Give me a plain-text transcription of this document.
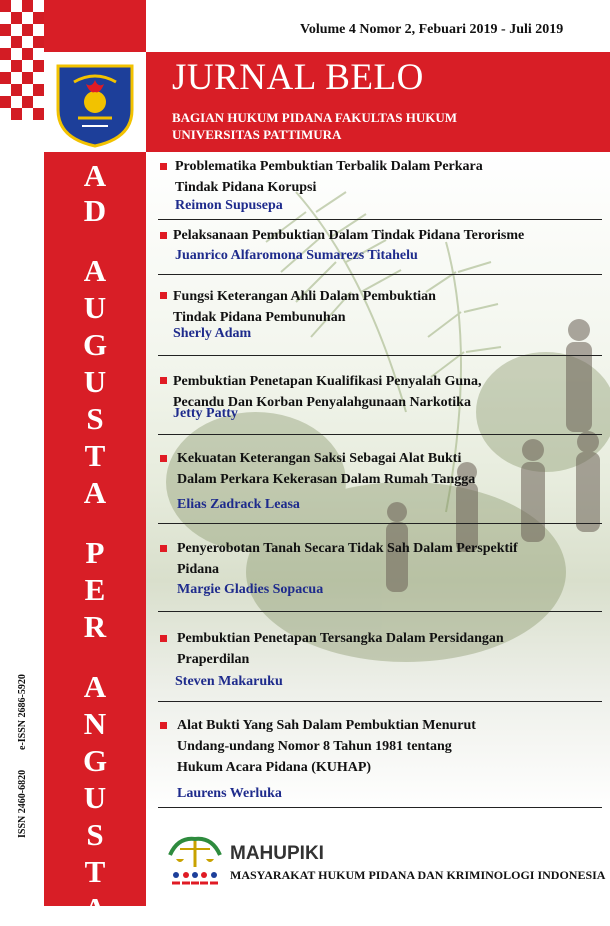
A
D
A
U
G
U
S
T
A
P
E
R
A
N
G
U
S
T
A
ISSN 2460-6820
e-ISSN 2686-5920
Volume 4 Nomor 2, Febuari 2019 - Juli 2019
JURNAL BELO
BAGIAN HUKUM PIDANA FAKULTAS HUKUM
UNIVERSITAS PATTIMURA
Problematika Pembuktian Terbalik Dalam Perkara
Tindak Pidana Korupsi
Reimon Supusepa
Pelaksanaan Pembuktian Dalam Tindak Pidana Terorisme
Juanrico Alfaromona Sumarezs Titahelu
Fungsi Keterangan Ahli Dalam Pembuktian
Tindak Pidana Pembunuhan
Sherly Adam
Pembuktian Penetapan Kualifikasi Penyalah Guna,
Pecandu Dan Korban Penyalahgunaan Narkotika
Jetty Patty
Kekuatan Keterangan Saksi Sebagai Alat Bukti
Dalam Perkara Kekerasan Dalam Rumah Tangga
Elias Zadrack Leasa
Penyerobotan Tanah Secara Tidak Sah Dalam Perspektif
Pidana
Margie Gladies Sopacua
Pembuktian Penetapan Tersangka Dalam Persidangan
Praperdilan
Steven Makaruku
Alat Bukti Yang Sah Dalam Pembuktian Menurut
Undang-undang Nomor 8 Tahun 1981 tentang
Hukum Acara Pidana (KUHAP)
Laurens Werluka
MAHUPIKI
MASYARAKAT HUKUM PIDANA DAN KRIMINOLOGI INDONESIA
